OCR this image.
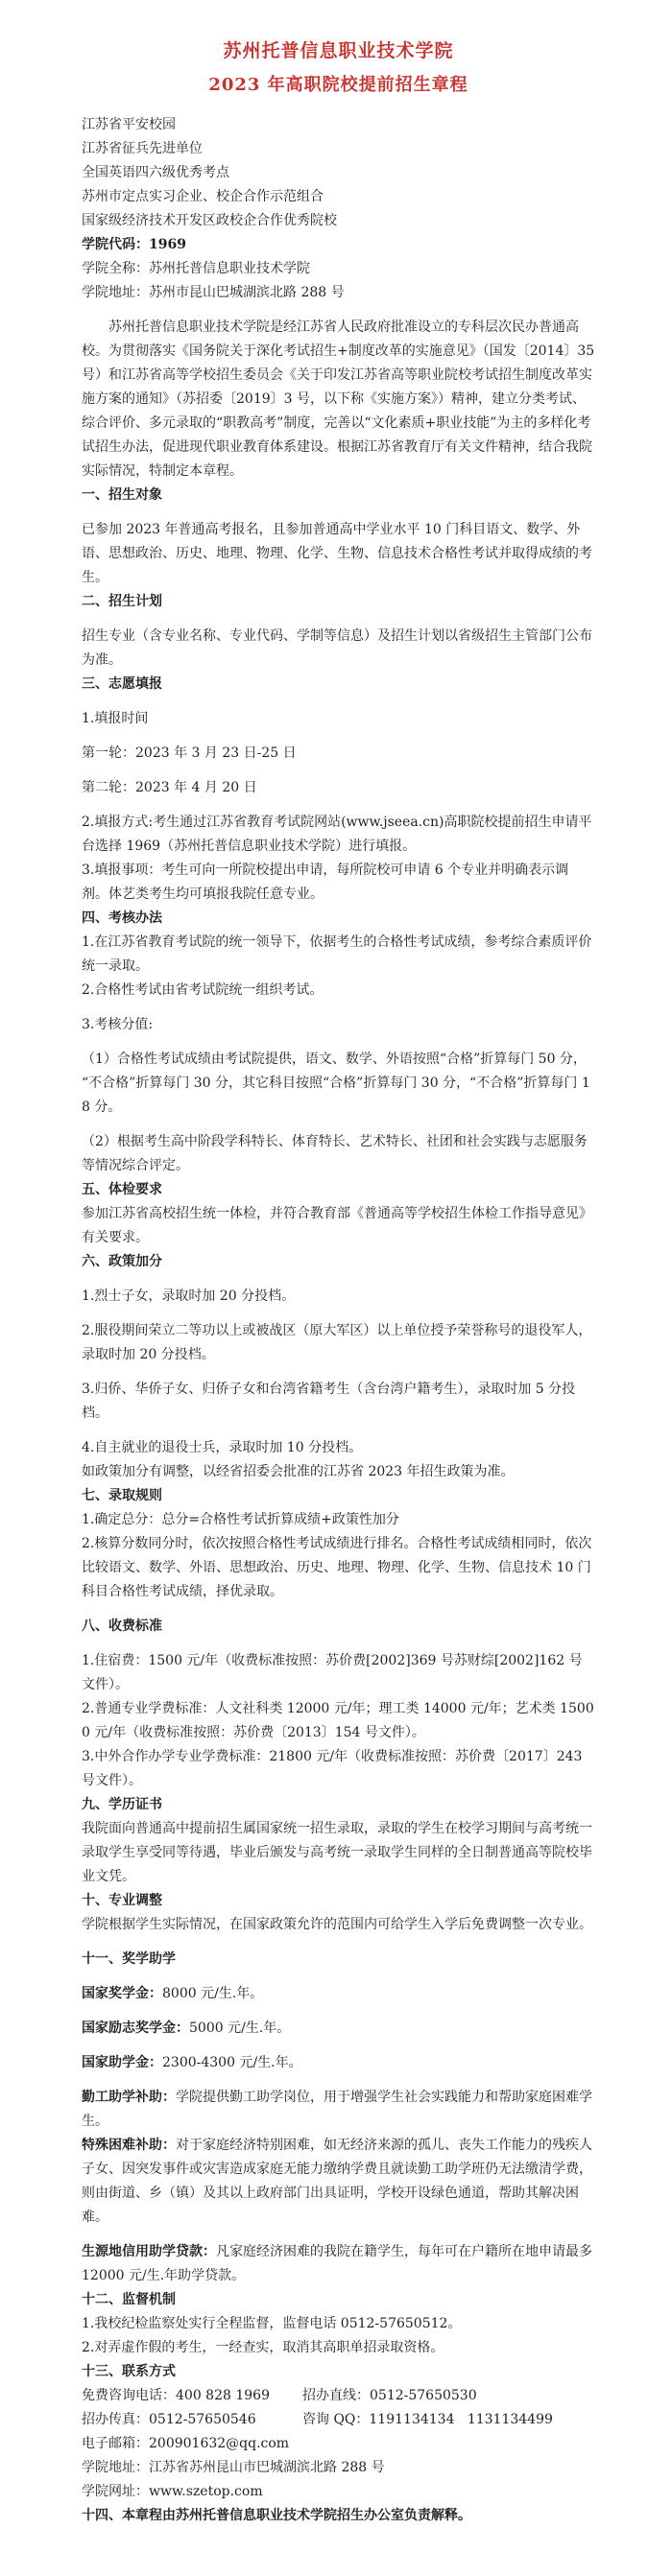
苏州托普信息职业技术学院
2023 年高职院校提前招生章程
江苏省平安校园
江苏省征兵先进单位
全国英语四六级优秀考点
苏州市定点实习企业、校企合作示范组合
国家级经济技术开发区政校企合作优秀院校
学院代码：1969
学院全称：苏州托普信息职业技术学院
学院地址：苏州市昆山巴城湖滨北路 288 号
苏州托普信息职业技术学院是经江苏省人民政府批准设立的专科层次民办普通高校。为贯彻落实《国务院关于深化考试招生+制度改革的实施意见》（国发〔2014〕35 号）和江苏省高等学校招生委员会《关于印发江苏省高等职业院校考试招生制度改革实施方案的通知》（苏招委〔2019〕3 号，以下称《实施方案》）精神，建立分类考试、综合评价、多元录取的“职教高考”制度，完善以“文化素质+职业技能”为主的多样化考试招生办法，促进现代职业教育体系建设。根据江苏省教育厅有关文件精神，结合我院实际情况，特制定本章程。
一、招生对象
已参加 2023 年普通高考报名，且参加普通高中学业水平 10 门科目语文、数学、外语、思想政治、历史、地理、物理、化学、生物、信息技术合格性考试并取得成绩的考生。
二、招生计划
招生专业（含专业名称、专业代码、学制等信息）及招生计划以省级招生主管部门公布为准。
三、志愿填报
1.填报时间
第一轮：2023 年 3 月 23 日-25 日
第二轮：2023 年 4 月 20 日
2.填报方式:考生通过江苏省教育考试院网站(www.jseea.cn)高职院校提前招生申请平台选择 1969（苏州托普信息职业技术学院）进行填报。
3.填报事项：考生可向一所院校提出申请，每所院校可申请 6 个专业并明确表示调剂。体艺类考生均可填报我院任意专业。
四、考核办法
1.在江苏省教育考试院的统一领导下，依据考生的合格性考试成绩，参考综合素质评价统一录取。
2.合格性考试由省考试院统一组织考试。
3.考核分值:
（1）合格性考试成绩由考试院提供，语文、数学、外语按照“合格”折算每门 50 分，“不合格”折算每门 30 分，其它科目按照“合格”折算每门 30 分，“不合格”折算每门 18 分。
（2）根据考生高中阶段学科特长、体育特长、艺术特长、社团和社会实践与志愿服务等情况综合评定。
五、体检要求
参加江苏省高校招生统一体检，并符合教育部《普通高等学校招生体检工作指导意见》有关要求。
六、政策加分
1.烈士子女，录取时加 20 分投档。
2.服役期间荣立二等功以上或被战区（原大军区）以上单位授予荣誉称号的退役军人，录取时加 20 分投档。
3.归侨、华侨子女、归侨子女和台湾省籍考生（含台湾户籍考生），录取时加 5 分投档。
4.自主就业的退役士兵，录取时加 10 分投档。
如政策加分有调整，以经省招委会批准的江苏省 2023 年招生政策为准。
七、录取规则
1.确定总分：总分=合格性考试折算成绩+政策性加分
2.核算分数同分时，依次按照合格性考试成绩进行排名。合格性考试成绩相同时，依次比较语文、数学、外语、思想政治、历史、地理、物理、化学、生物、信息技术 10 门科目合格性考试成绩，择优录取。
八、收费标准
1.住宿费：1500 元/年（收费标准按照：苏价费[2002]369 号苏财综[2002]162 号文件）。
2.普通专业学费标准：人文社科类 12000 元/年；理工类 14000 元/年；艺术类 15000 元/年（收费标准按照：苏价费〔2013〕154 号文件）。
3.中外合作办学专业学费标准：21800 元/年（收费标准按照：苏价费〔2017〕243 号文件）。
九、学历证书
我院面向普通高中提前招生属国家统一招生录取，录取的学生在校学习期间与高考统一录取学生享受同等待遇，毕业后颁发与高考统一录取学生同样的全日制普通高等院校毕业文凭。
十、专业调整
学院根据学生实际情况，在国家政策允许的范围内可给学生入学后免费调整一次专业。
十一、奖学助学
国家奖学金：8000 元/生.年。
国家励志奖学金：5000 元/生.年。
国家助学金：2300-4300 元/生.年。
勤工助学补助：学院提供勤工助学岗位，用于增强学生社会实践能力和帮助家庭困难学生。
特殊困难补助：对于家庭经济特别困难，如无经济来源的孤儿、丧失工作能力的残疾人子女、因突发事件或灾害造成家庭无能力缴纳学费且就读勤工助学班仍无法缴清学费，则由街道、乡（镇）及其以上政府部门出具证明，学校开设绿色通道，帮助其解决困难。
生源地信用助学贷款：凡家庭经济困难的我院在籍学生，每年可在户籍所在地申请最多 12000 元/生.年助学贷款。
十二、监督机制
1.我校纪检监察处实行全程监督，监督电话 0512-57650512。
2.对弄虚作假的考生，一经查实，取消其高职单招录取资格。
十三、联系方式
免费咨询电话：400 828 1969	招办直线：0512-57650530
招办传真：0512-57650546	咨询 QQ：1191134134   1131134499
电子邮箱：200901632@qq.com
学院地址：江苏省苏州昆山市巴城湖滨北路 288 号
学院网址：www.szetop.com
十四、本章程由苏州托普信息职业技术学院招生办公室负责解释。
